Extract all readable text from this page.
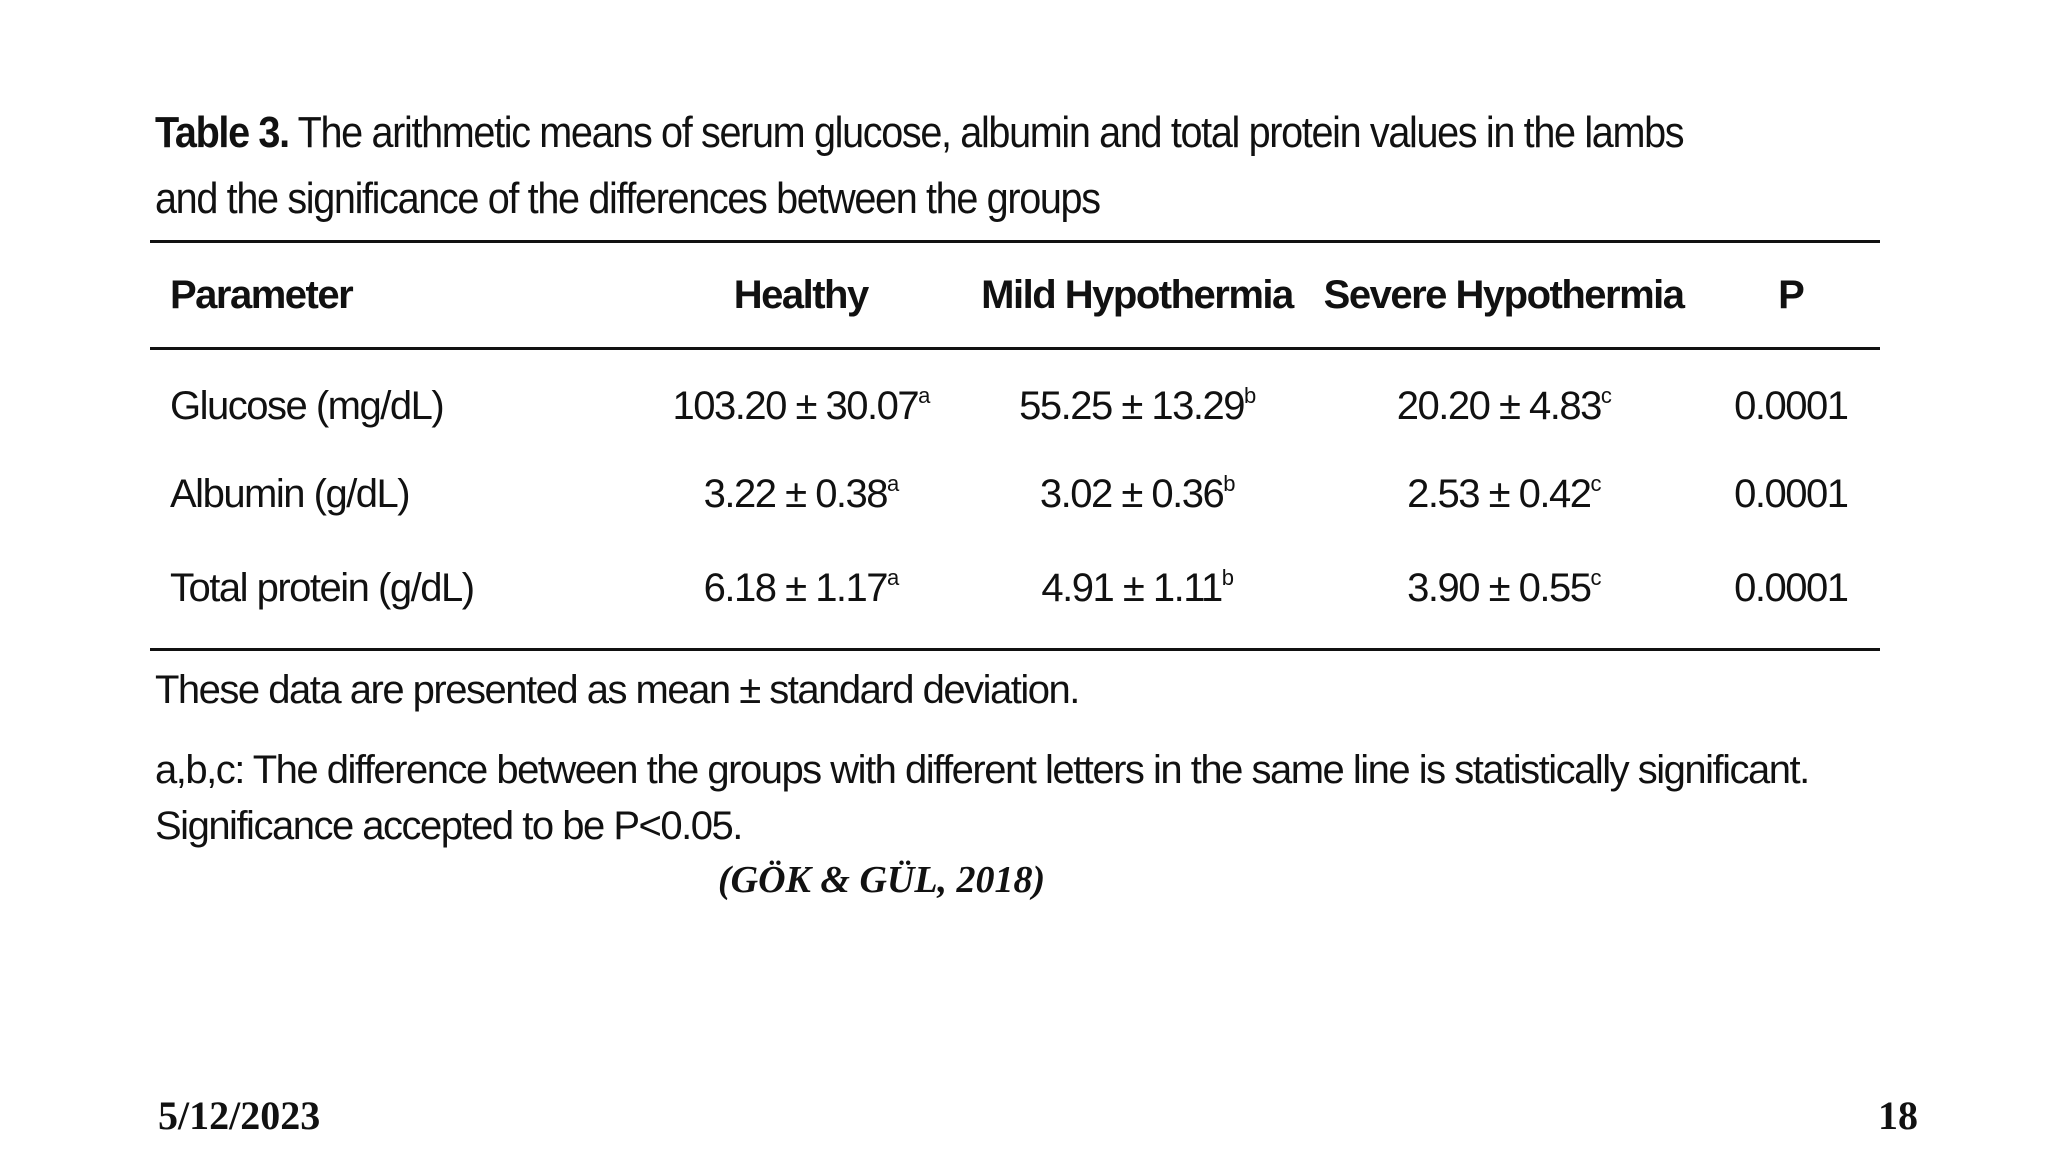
Table 3. The arithmetic means of serum glucose, albumin and total protein values in the lambs and the significance of the differences between the groups
Parameter	Healthy	Mild Hypothermia	Severe Hypothermia	P
Glucose (mg/dL)	103.20 ± 30.07$^a$	55.25 ± 13.29$^b$	20.20 ± 4.83$^c$	0.0001
Albumin (g/dL)	3.22 ± 0.38$^a$	3.02 ± 0.36$^b$	2.53 ± 0.42$^c$	0.0001
Total protein (g/dL)	6.18 ± 1.17$^a$	4.91 ± 1.11$^b$	3.90 ± 0.55$^c$	0.0001
These data are presented as mean ± standard deviation.
a,b,c: The difference between the groups with different letters in the same line is statistically significant. Significance accepted to be P<0.05.
(GÖK & GÜL, 2018)
5/12/2023	18
